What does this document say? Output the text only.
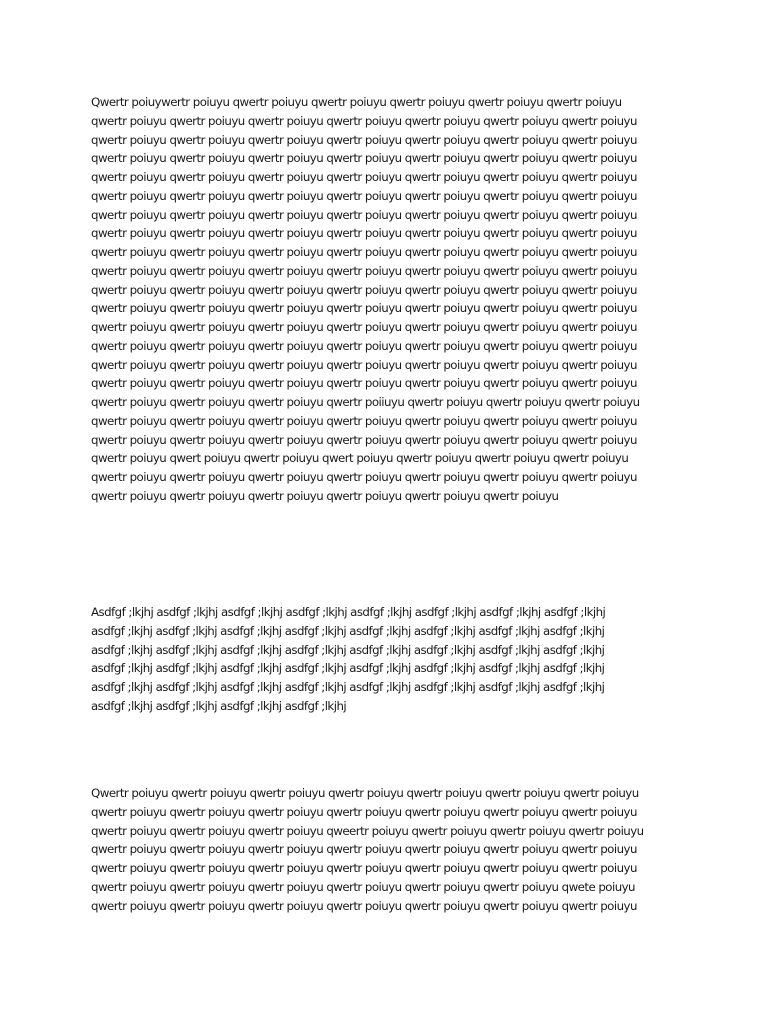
Qwertr poiuywertr poiuyu qwertr poiuyu qwertr poiuyu qwertr poiuyu qwertr poiuyu qwertr poiuyu
qwertr poiuyu qwertr poiuyu qwertr poiuyu qwertr poiuyu qwertr poiuyu qwertr poiuyu qwertr poiuyu
qwertr poiuyu qwertr poiuyu qwertr poiuyu qwertr poiuyu qwertr poiuyu qwertr poiuyu qwertr poiuyu
qwertr poiuyu qwertr poiuyu qwertr poiuyu qwertr poiuyu qwertr poiuyu qwertr poiuyu qwertr poiuyu
qwertr poiuyu qwertr poiuyu qwertr poiuyu qwertr poiuyu qwertr poiuyu qwertr poiuyu qwertr poiuyu
qwertr poiuyu qwertr poiuyu qwertr poiuyu qwertr poiuyu qwertr poiuyu qwertr poiuyu qwertr poiuyu
qwertr poiuyu qwertr poiuyu qwertr poiuyu qwertr poiuyu qwertr poiuyu qwertr poiuyu qwertr poiuyu
qwertr poiuyu qwertr poiuyu qwertr poiuyu qwertr poiuyu qwertr poiuyu qwertr poiuyu qwertr poiuyu
qwertr poiuyu qwertr poiuyu qwertr poiuyu qwertr poiuyu qwertr poiuyu qwertr poiuyu qwertr poiuyu
qwertr poiuyu qwertr poiuyu qwertr poiuyu qwertr poiuyu qwertr poiuyu qwertr poiuyu qwertr poiuyu
qwertr poiuyu qwertr poiuyu qwertr poiuyu qwertr poiuyu qwertr poiuyu qwertr poiuyu qwertr poiuyu
qwertr poiuyu qwertr poiuyu qwertr poiuyu qwertr poiuyu qwertr poiuyu qwertr poiuyu qwertr poiuyu
qwertr poiuyu qwertr poiuyu qwertr poiuyu qwertr poiuyu qwertr poiuyu qwertr poiuyu qwertr poiuyu
qwertr poiuyu qwertr poiuyu qwertr poiuyu qwertr poiuyu qwertr poiuyu qwertr poiuyu qwertr poiuyu
qwertr poiuyu qwertr poiuyu qwertr poiuyu qwertr poiuyu qwertr poiuyu qwertr poiuyu qwertr poiuyu
qwertr poiuyu qwertr poiuyu qwertr poiuyu qwertr poiuyu qwertr poiuyu qwertr poiuyu qwertr poiuyu
qwertr poiuyu qwertr poiuyu qwertr poiuyu qwertr poiiuyu qwertr poiuyu qwertr poiuyu qwertr poiuyu
qwertr poiuyu qwertr poiuyu qwertr poiuyu qwertr poiuyu qwertr poiuyu qwertr poiuyu qwertr poiuyu
qwertr poiuyu qwertr poiuyu qwertr poiuyu qwertr poiuyu qwertr poiuyu qwertr poiuyu qwertr poiuyu
qwertr poiuyu qwert poiuyu qwertr poiuyu qwert poiuyu qwertr poiuyu qwertr poiuyu qwertr poiuyu
qwertr poiuyu qwertr poiuyu qwertr poiuyu qwertr poiuyu qwertr poiuyu qwertr poiuyu qwertr poiuyu
qwertr poiuyu qwertr poiuyu qwertr poiuyu qwertr poiuyu qwertr poiuyu qwertr poiuyu
Asdfgf ;lkjhj asdfgf ;lkjhj asdfgf ;lkjhj asdfgf ;lkjhj asdfgf ;lkjhj asdfgf ;lkjhj asdfgf ;lkjhj asdfgf ;lkjhj
asdfgf ;lkjhj asdfgf ;lkjhj asdfgf ;lkjhj asdfgf ;lkjhj asdfgf ;lkjhj asdfgf ;lkjhj asdfgf ;lkjhj asdfgf ;lkjhj
asdfgf ;lkjhj asdfgf ;lkjhj asdfgf ;lkjhj asdfgf ;lkjhj asdfgf ;lkjhj asdfgf ;lkjhj asdfgf ;lkjhj asdfgf ;lkjhj
asdfgf ;lkjhj asdfgf ;lkjhj asdfgf ;lkjhj asdfgf ;lkjhj asdfgf ;lkjhj asdfgf ;lkjhj asdfgf ;lkjhj asdfgf ;lkjhj
asdfgf ;lkjhj asdfgf ;lkjhj asdfgf ;lkjhj asdfgf ;lkjhj asdfgf ;lkjhj asdfgf ;lkjhj asdfgf ;lkjhj asdfgf ;lkjhj
asdfgf ;lkjhj asdfgf ;lkjhj asdfgf ;lkjhj asdfgf ;lkjhj
Qwertr poiuyu qwertr poiuyu qwertr poiuyu qwertr poiuyu qwertr poiuyu qwertr poiuyu qwertr poiuyu
qwertr poiuyu qwertr poiuyu qwertr poiuyu qwertr poiuyu qwertr poiuyu qwertr poiuyu qwertr poiuyu
qwertr poiuyu qwertr poiuyu qwertr poiuyu qweertr poiuyu qwertr poiuyu qwertr poiuyu qwertr poiuyu
qwertr poiuyu qwertr poiuyu qwertr poiuyu qwertr poiuyu qwertr poiuyu qwertr poiuyu qwertr poiuyu
qwertr poiuyu qwertr poiuyu qwertr poiuyu qwertr poiuyu qwertr poiuyu qwertr poiuyu qwertr poiuyu
qwertr poiuyu qwertr poiuyu qwertr poiuyu qwertr poiuyu qwertr poiuyu qwertr poiuyu qwete poiuyu
qwertr poiuyu qwertr poiuyu qwertr poiuyu qwertr poiuyu qwertr poiuyu qwertr poiuyu qwertr poiuyu
